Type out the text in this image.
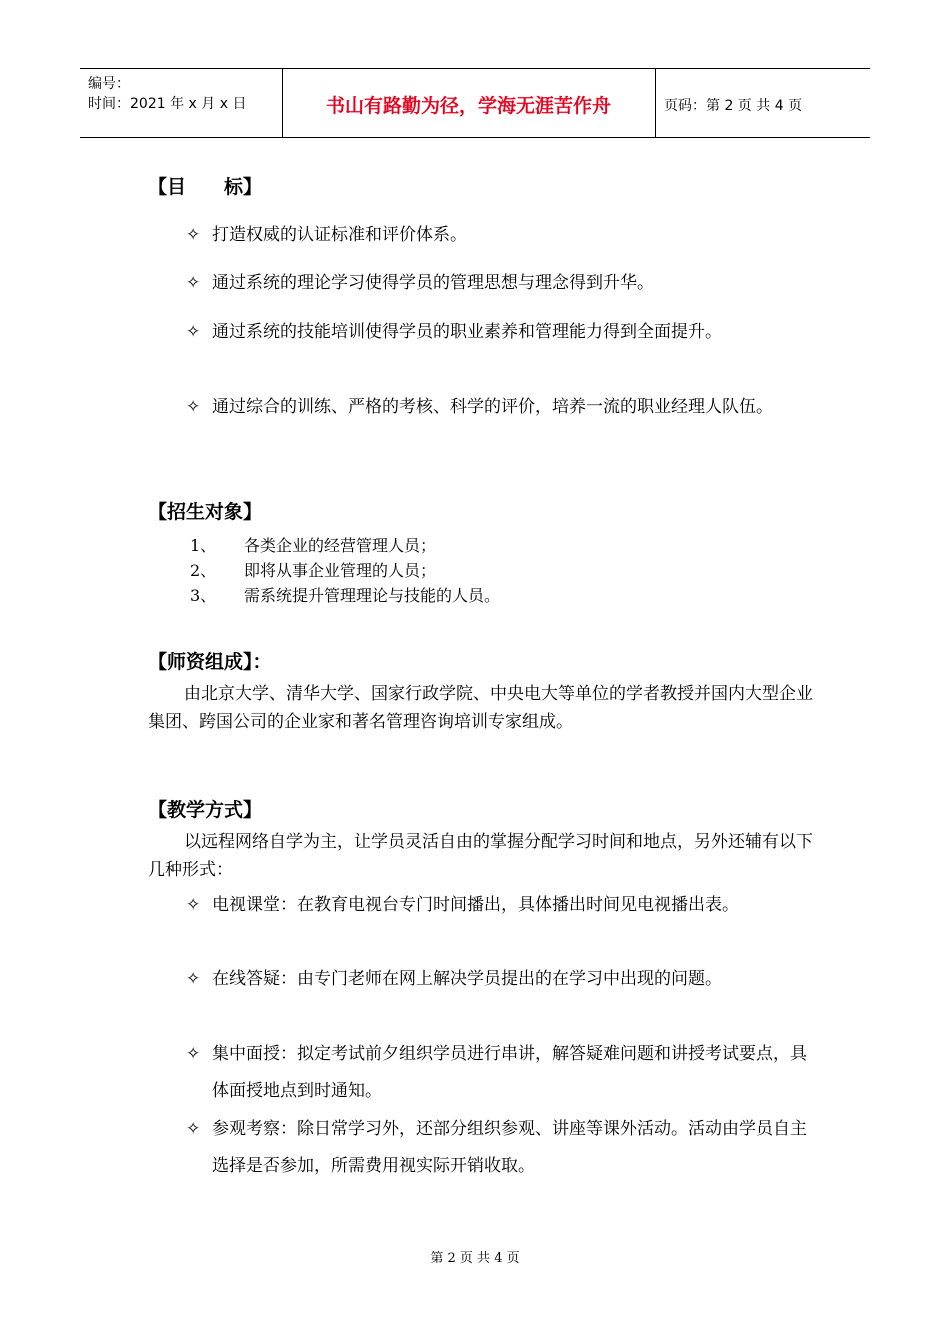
编号：
时间：2021 年 x 月 x 日	书山有路勤为径，学海无涯苦作舟	页码：第 2 页 共 4 页
【目　　标】
✧ 打造权威的认证标准和评价体系。
✧ 通过系统的理论学习使得学员的管理思想与理念得到升华。
✧ 通过系统的技能培训使得学员的职业素养和管理能力得到全面提升。
✧ 通过综合的训练、严格的考核、科学的评价，培养一流的职业经理人队伍。
【招生对象】
1、	各类企业的经营管理人员；
2、	即将从事企业管理的人员；
3、	需系统提升管理理论与技能的人员。
【师资组成】：
由北京大学、清华大学、国家行政学院、中央电大等单位的学者教授并国内大型企业集团、跨国公司的企业家和著名管理咨询培训专家组成。
【教学方式】
以远程网络自学为主，让学员灵活自由的掌握分配学习时间和地点，另外还辅有以下几种形式：
✧ 电视课堂：在教育电视台专门时间播出，具体播出时间见电视播出表。
✧ 在线答疑：由专门老师在网上解决学员提出的在学习中出现的问题。
✧ 集中面授：拟定考试前夕组织学员进行串讲，解答疑难问题和讲授考试要点，具体面授地点到时通知。
✧ 参观考察：除日常学习外，还部分组织参观、讲座等课外活动。活动由学员自主选择是否参加，所需费用视实际开销收取。
第 2 页 共 4 页
